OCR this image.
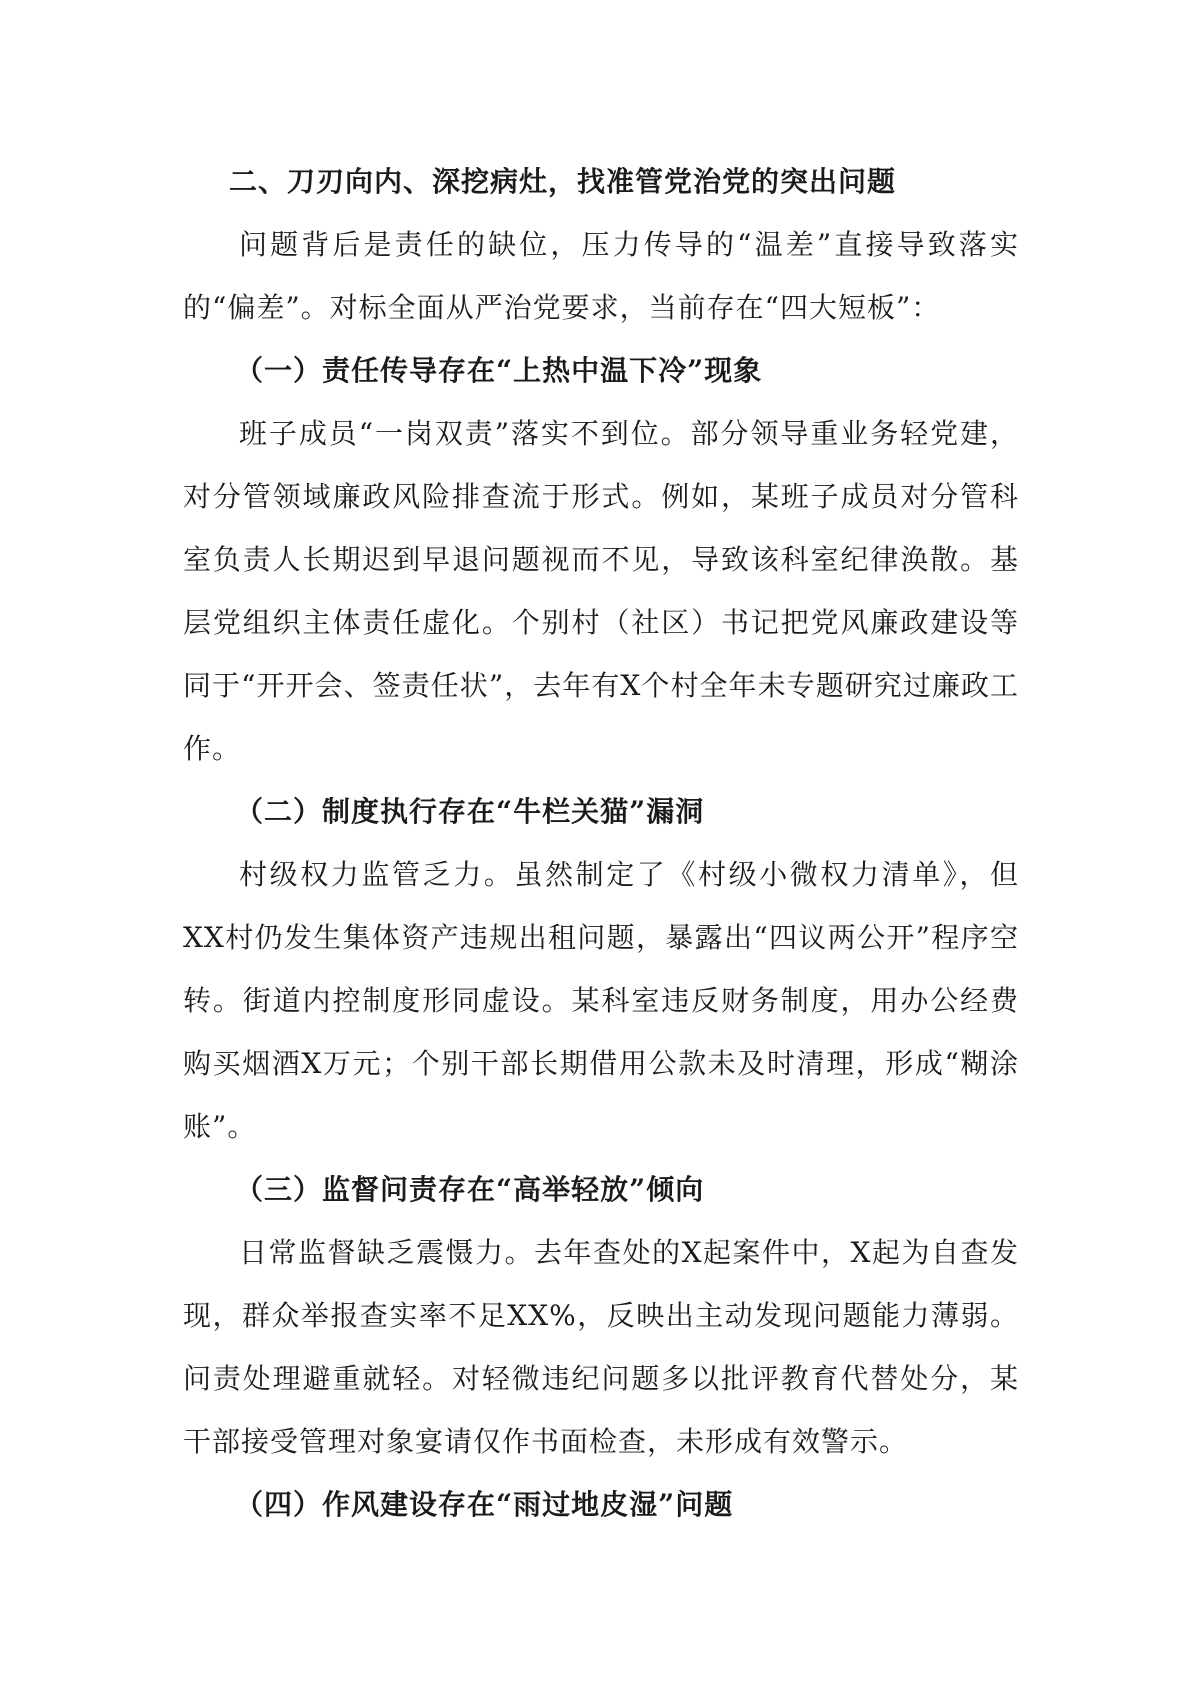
二、刀刃向内、深挖病灶，找准管党治党的突出问题

问题背后是责任的缺位，压力传导的“温差”直接导致落实的“偏差”。对标全面从严治党要求，当前存在“四大短板”：

（一）责任传导存在“上热中温下冷”现象

班子成员“一岗双责”落实不到位。部分领导重业务轻党建，对分管领域廉政风险排查流于形式。例如，某班子成员对分管科室负责人长期迟到早退问题视而不见，导致该科室纪律涣散。基层党组织主体责任虚化。个别村（社区）书记把党风廉政建设等同于“开开会、签责任状”，去年有X个村全年未专题研究过廉政工作。

（二）制度执行存在“牛栏关猫”漏洞

村级权力监管乏力。虽然制定了《村级小微权力清单》，但XX村仍发生集体资产违规出租问题，暴露出“四议两公开”程序空转。街道内控制度形同虚设。某科室违反财务制度，用办公经费购买烟酒X万元；个别干部长期借用公款未及时清理，形成“糊涂账”。

（三）监督问责存在“高举轻放”倾向

日常监督缺乏震慑力。去年查处的X起案件中，X起为自查发现，群众举报查实率不足XX%，反映出主动发现问题能力薄弱。问责处理避重就轻。对轻微违纪问题多以批评教育代替处分，某干部接受管理对象宴请仅作书面检查，未形成有效警示。

（四）作风建设存在“雨过地皮湿”问题
